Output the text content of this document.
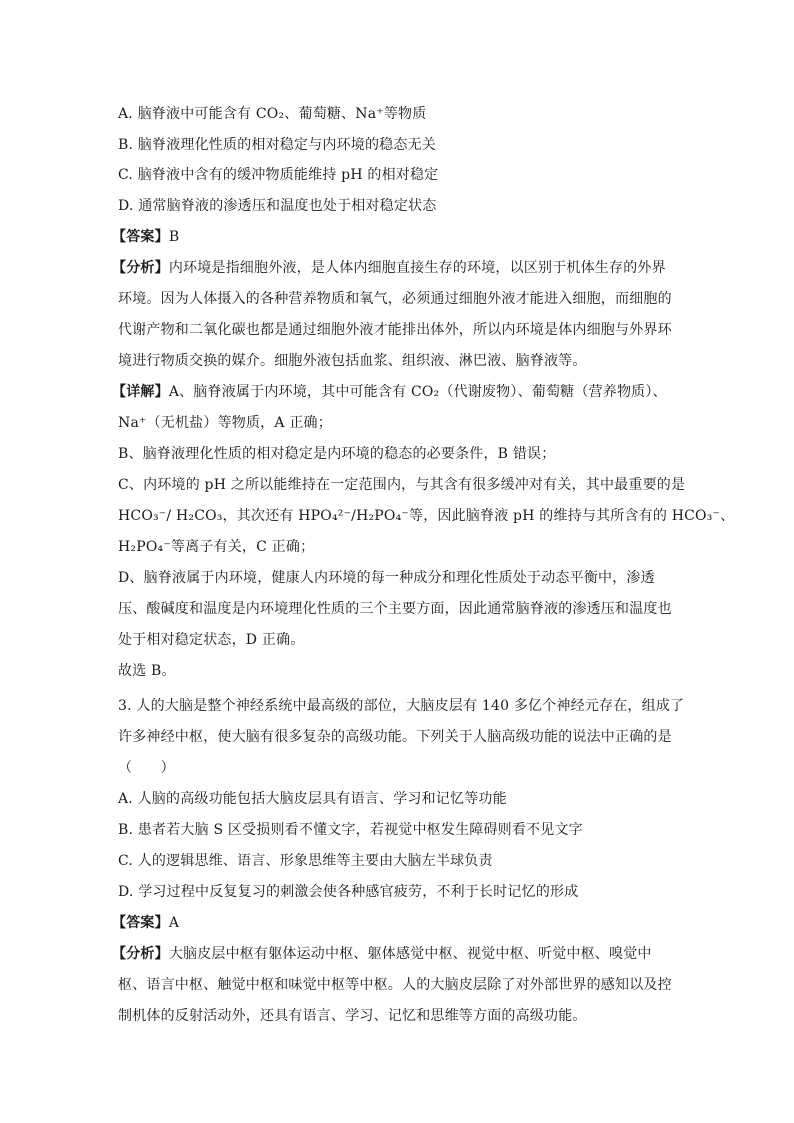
A. 脑脊液中可能含有 CO₂、葡萄糖、Na⁺等物质
B. 脑脊液理化性质的相对稳定与内环境的稳态无关
C. 脑脊液中含有的缓冲物质能维持 pH 的相对稳定
D. 通常脑脊液的渗透压和温度也处于相对稳定状态
【答案】B
【分析】内环境是指细胞外液，是人体内细胞直接生存的环境，以区别于机体生存的外界
环境。因为人体摄入的各种营养物质和氧气，必须通过细胞外液才能进入细胞，而细胞的
代谢产物和二氧化碳也都是通过细胞外液才能排出体外，所以内环境是体内细胞与外界环
境进行物质交换的媒介。细胞外液包括血浆、组织液、淋巴液、脑脊液等。
【详解】A、脑脊液属于内环境，其中可能含有 CO₂（代谢废物）、葡萄糖（营养物质）、
Na⁺（无机盐）等物质，A 正确；
B、脑脊液理化性质的相对稳定是内环境的稳态的必要条件，B 错误；
C、内环境的 pH 之所以能维持在一定范围内，与其含有很多缓冲对有关，其中最重要的是
HCO₃⁻/ H₂CO₃，其次还有 HPO₄²⁻/H₂PO₄⁻等，因此脑脊液 pH 的维持与其所含有的 HCO₃⁻、
H₂PO₄⁻等离子有关，C 正确；
D、脑脊液属于内环境，健康人内环境的每一种成分和理化性质处于动态平衡中，渗透
压、酸碱度和温度是内环境理化性质的三个主要方面，因此通常脑脊液的渗透压和温度也
处于相对稳定状态，D 正确。
故选 B。
3. 人的大脑是整个神经系统中最高级的部位，大脑皮层有 140 多亿个神经元存在，组成了
许多神经中枢，使大脑有很多复杂的高级功能。下列关于人脑高级功能的说法中正确的是
（　　）
A. 人脑的高级功能包括大脑皮层具有语言、学习和记忆等功能
B. 患者若大脑 S 区受损则看不懂文字，若视觉中枢发生障碍则看不见文字
C. 人的逻辑思维、语言、形象思维等主要由大脑左半球负责
D. 学习过程中反复复习的刺激会使各种感官疲劳，不利于长时记忆的形成
【答案】A
【分析】大脑皮层中枢有躯体运动中枢、躯体感觉中枢、视觉中枢、听觉中枢、嗅觉中
枢、语言中枢、触觉中枢和味觉中枢等中枢。人的大脑皮层除了对外部世界的感知以及控
制机体的反射活动外，还具有语言、学习、记忆和思维等方面的高级功能。
